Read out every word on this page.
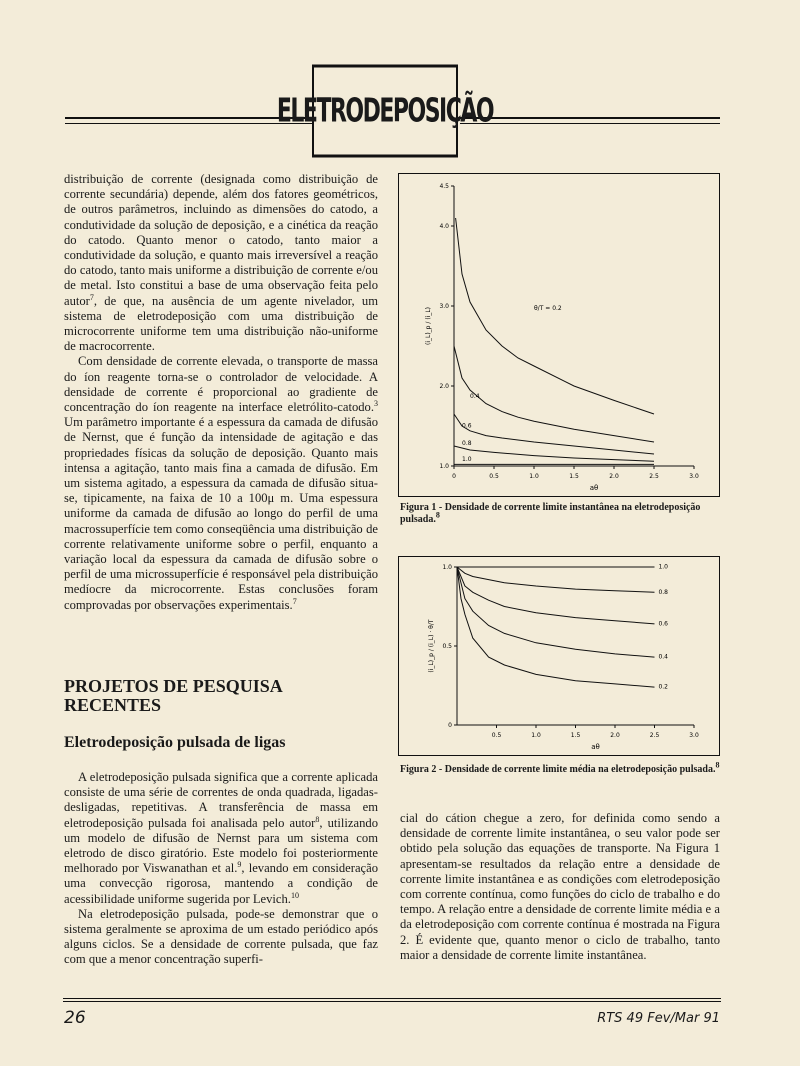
ELETRODEPOSIÇÃO

distribuição de corrente (designada como distribuição de corrente secundária) depende, além dos fatores geométricos, de outros parâmetros, incluindo as dimensões do catodo, a condutividade da solução de deposição, e a cinética da reação do catodo. Quanto menor o catodo, tanto maior a condutividade da solução, e quanto mais irreversível a reação do catodo, tanto mais uniforme a distribuição de corrente e/ou de metal. Isto constitui a base de uma observação feita pelo autor$^7$, de que, na ausência de um agente nivelador, um sistema de eletrodeposição com uma distribuição de microcorrente uniforme tem uma distribuição não-uniforme de macrocorrente.

Com densidade de corrente elevada, o transporte de massa do íon reagente torna-se o controlador de velocidade. A densidade de corrente é proporcional ao gradiente de concentração do íon reagente na interface eletrólito-catodo.$^3$ Um parâmetro importante é a espessura da camada de difusão de Nernst, que é função da intensidade de agitação e das propriedades físicas da solução de deposição. Quanto mais intensa a agitação, tanto mais fina a camada de difusão. Em um sistema agitado, a espessura da camada de difusão situa-se, tipicamente, na faixa de 10 a 100μ m. Uma espessura uniforme da camada de difusão ao longo do perfil de uma macrossuperfície tem como conseqüência uma distribuição de corrente relativamente uniforme sobre o perfil, enquanto a variação local da espessura da camada de difusão sobre o perfil de uma microssuperfície é responsável pela distribuição medíocre da microcorrente. Estas conclusões foram comprovadas por observações experimentais.$^7$

PROJETOS DE PESQUISA RECENTES
Eletrodeposição pulsada de ligas

A eletrodeposição pulsada significa que a corrente aplicada consiste de uma série de correntes de onda quadrada, ligadas-desligadas, repetitivas. A transferência de massa em eletrodeposição pulsada foi analisada pelo autor$^8$, utilizando um modelo de difusão de Nernst para um sistema com eletrodo de disco giratório. Este modelo foi posteriormente melhorado por Viswanathan et al.$^9$, levando em consideração uma convecção rigorosa, mantendo a condição de acessibilidade uniforme sugerida por Levich.$^{10}$

Na eletrodeposição pulsada, pode-se demonstrar que o sistema geralmente se aproxima de um estado periódico após alguns ciclos. Se a densidade de corrente pulsada, que faz com que a menor concentração superfi-

cial do cátion chegue a zero, for definida como sendo a densidade de corrente limite instantânea, o seu valor pode ser obtido pela solução das equações de transporte. Na Figura 1 apresentam-se resultados da relação entre a densidade de corrente limite instantânea e as condições com eletrodeposição com corrente contínua, como funções do ciclo de trabalho e do tempo. A relação entre a densidade de corrente limite média e a da eletrodeposição com corrente contínua é mostrada na Figura 2. É evidente que, quanto menor o ciclo de trabalho, tanto maior a densidade de corrente limite instantânea.

0	0.5	1.0	1.5	2.0	2.5	3.0
1.0
2.0
3.0
4.0
4.5
aθ
(i_L)_p / (i_L)	θ/T = 0.2
0.4
0.6
0.8
1.0
Figura 1 - Densidade de corrente limite instantânea na eletrodeposição pulsada.$^8$
0.5	1.0	1.5	2.0	2.5	3.0
0
0.5
1.0
aθ
(i_L)_p / (i_L) · θ/T
1.0
0.8
0.6
0.4
0.2
Figura 2 - Densidade de corrente limite média na eletrodeposição pulsada.$^8$
26	RTS 49 Fev/Mar 91
